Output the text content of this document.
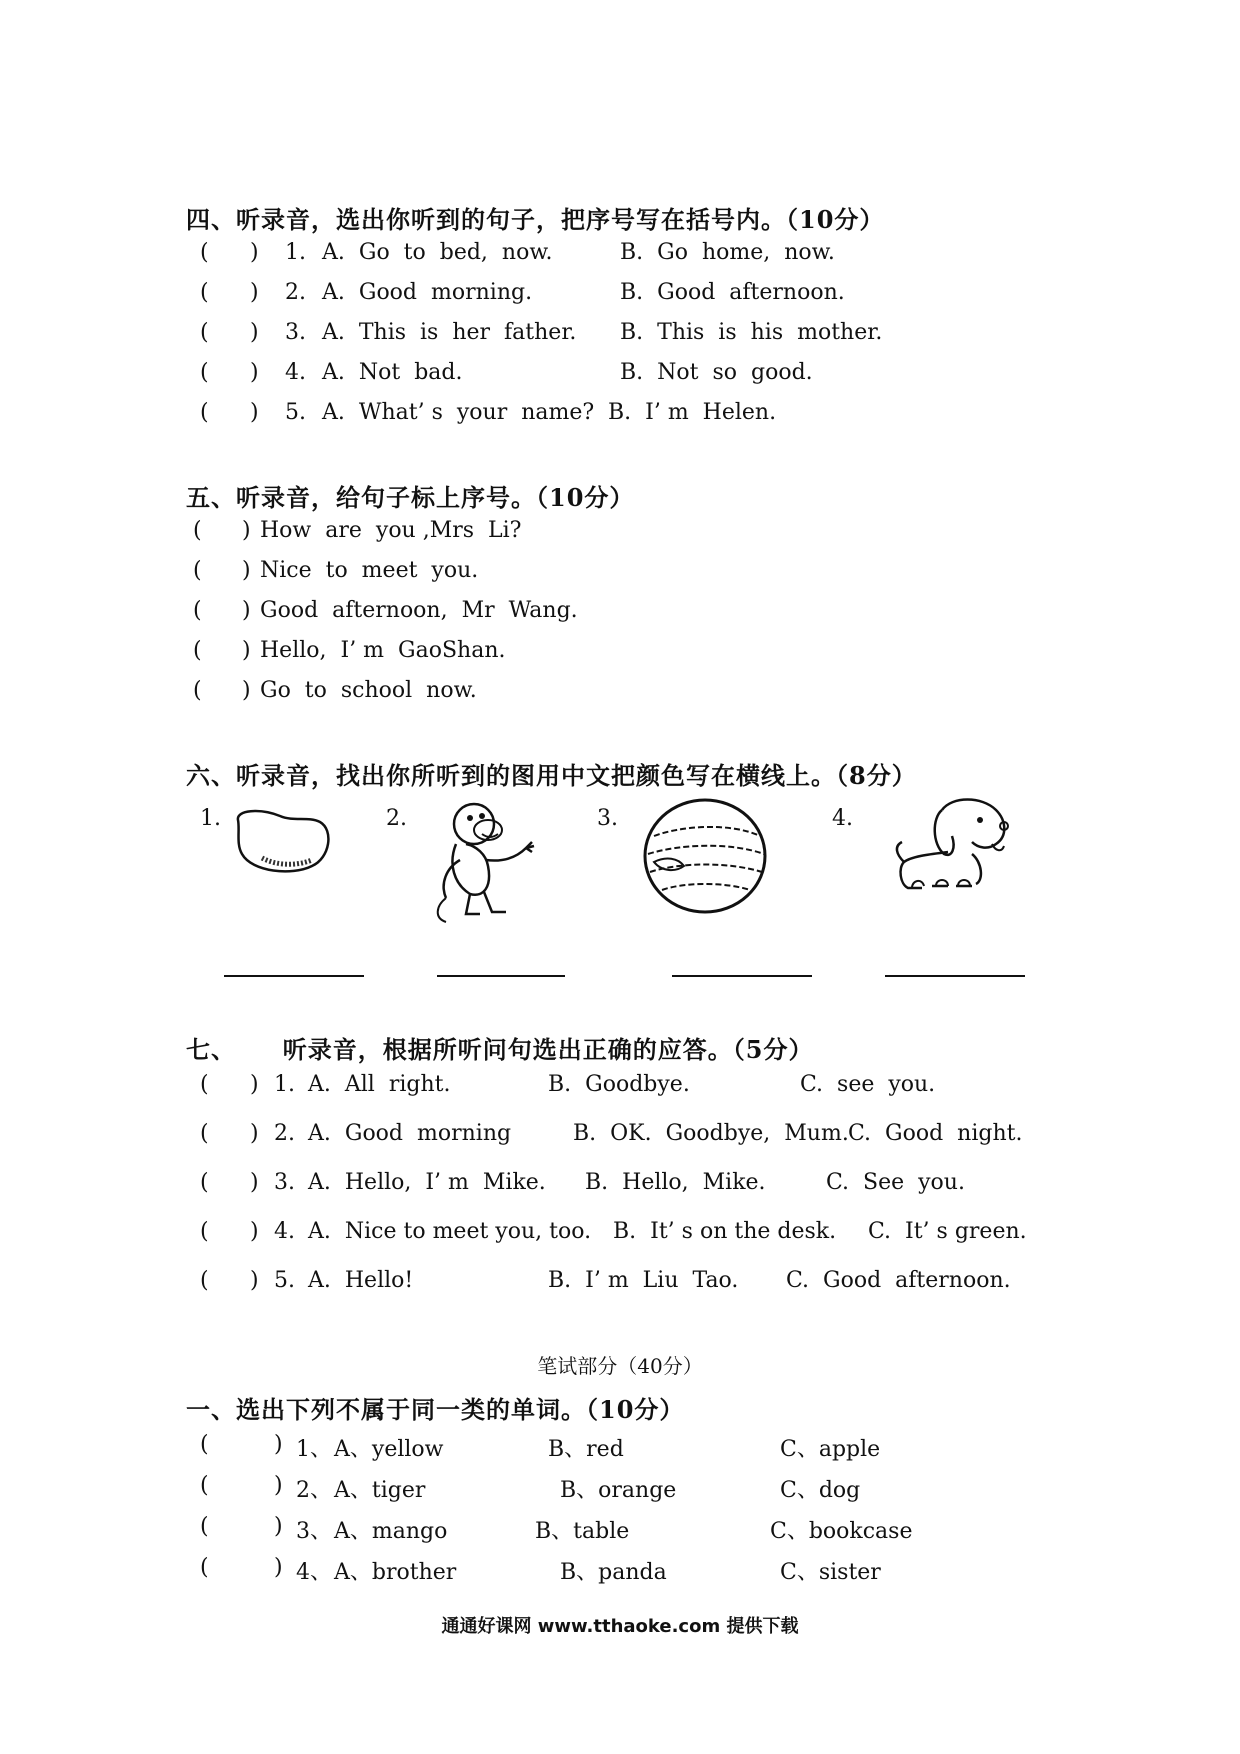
四、听录音，选出你听到的句子，把序号写在括号内。（10分）
( ) 1. A.  Go  to  bed,  now.	B.  Go  home,  now.
( ) 2. A.  Good  morning.	B.  Good  afternoon.
( ) 3. A.  This  is  her  father. B.  This  is  his  mother.
( ) 4. A.  Not  bad.	B.  Not  so  good.
( ) 5. A.  What’ s  your  name? B.  I’ m  Helen.
五、听录音，给句子标上序号。（10分）
( ) How  are  you ,Mrs  Li?
( ) Nice  to  meet  you.
( ) Good  afternoon,  Mr  Wang.
( ) Hello,  I’ m  GaoShan.
( ) Go  to  school  now.
六、听录音，找出你所听到的图用中文把颜色写在横线上。（8分）
1.	2.	3.	4.
七、     听录音，根据所听问句选出正确的应答。（5分）
( ) 1. A.  All  right.	B.  Goodbye.	C.  see  you.
( ) 2. A.  Good  morning	B.  OK.  Goodbye,  Mum. C.  Good  night.
( ) 3. A.  Hello,  I’ m  Mike. B.  Hello,  Mike.	C.  See  you.
( ) 4. A.  Nice to meet you, too. B.  It’ s on the desk. C.  It’ s green.
( ) 5. A.  Hello!	B.  I’ m  Liu  Tao. C.  Good  afternoon.
笔试部分（40分）
一、选出下列不属于同一类的单词。（10分）
(	) 1、 A、yellow	B、red	C、apple
(	) 2、 A、tiger	B、orange	C、dog
(	) 3、 A、mango	B、table	C、bookcase
(	) 4、 A、brother	B、panda	C、sister
通通好课网 www.tthaoke.com 提供下载
